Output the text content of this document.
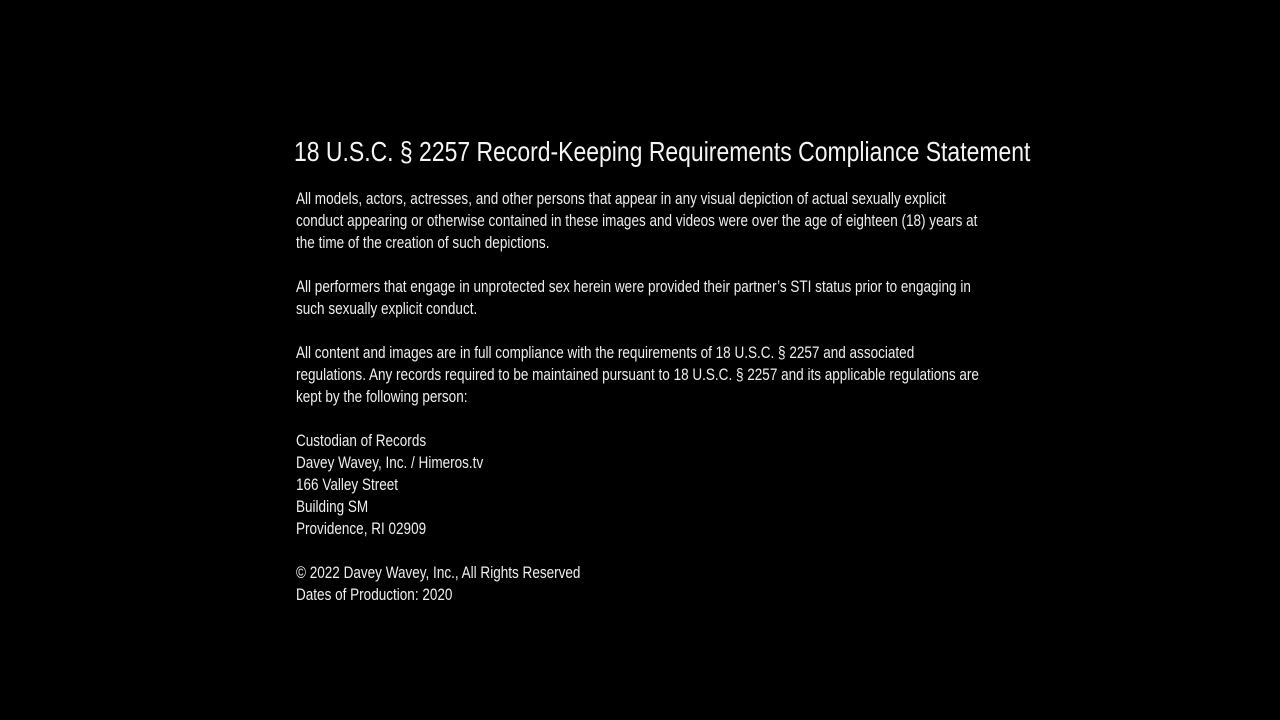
18 U.S.C. § 2257 Record-Keeping Requirements Compliance Statement

All models, actors, actresses, and other persons that appear in any visual depiction of actual sexually explicit conduct appearing or otherwise contained in these images and videos were over the age of eighteen (18) years at the time of the creation of such depictions.

All performers that engage in unprotected sex herein were provided their partner’s STI status prior to engaging in such sexually explicit conduct.

All content and images are in full compliance with the requirements of 18 U.S.C. § 2257 and associated regulations. Any records required to be maintained pursuant to 18 U.S.C. § 2257 and its applicable regulations are kept by the following person:

Custodian of Records
Davey Wavey, Inc. / Himeros.tv
166 Valley Street
Building SM
Providence, RI 02909
© 2022 Davey Wavey, Inc., All Rights Reserved
Dates of Production: 2020
